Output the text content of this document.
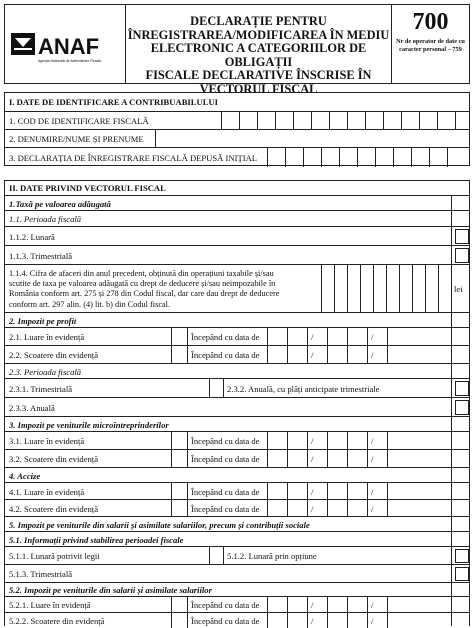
ANAF
Agenția Națională de Administrare Fiscală
DECLARAȚIE PENTRU
ÎNREGISTRAREA/MODIFICAREA ÎN MEDIU
ELECTRONIC A CATEGORIILOR DE OBLIGAȚII
FISCALE DECLARATIVE ÎNSCRISE ÎN
VECTORUL FISCAL
700
Nr de operator de date cu caracter personal – 759
I. DATE DE IDENTIFICARE A CONTRIBUABILULUI
1. COD DE IDENTIFICARE FISCALĂ
2. DENUMIRE/NUME ȘI PRENUME
3. DECLARAȚIA DE ÎNREGISTRARE FISCALĂ DEPUSĂ INIȚIAL
II. DATE PRIVIND VECTORUL FISCAL
1.Taxă pe valoarea adăugată
1.1. Perioada fiscală
1.1.2. Lunară
1.1.3. Trimestrială
1.1.4. Cifra de afaceri din anul precedent, obținută din operațiuni taxabile și/sau
scutite de taxa pe valoarea adăugată cu drept de deducere și/sau neimpozabile în
România conform art. 275 și 278 din Codul fiscal, dar care dau drept de deducere
conform art. 297 alin. (4) lit. b) din Codul fiscal.
lei
2. Impozit pe profit
2.1. Luare în evidență	Începând cu data de	/	/
2.2. Scoatere din evidență	Începând cu data de	/	/
2.3. Perioada fiscală
2.3.1. Trimestrială	2.3.2. Anuală, cu plăți anticipate trimestriale
2.3.3. Anuală
3. Impozit pe veniturile microîntreprinderilor
3.1. Luare în evidență	Începând cu data de	/	/
3.2. Scoatere din evidență	Începând cu data de	/	/
4. Accize
4.1. Luare în evidență	Începând cu data de	/	/
4.2. Scoatere din evidență	Începând cu data de	/	/
5. Impozit pe veniturile din salarii și asimilate salariilor, precum și contribuții sociale
5.1. Informații privind stabilirea perioadei fiscale
5.1.1. Lunară potrivit legii	5.1.2. Lunară prin opțiune
5.1.3. Trimestrială
5.2. Impozit pe veniturile din salarii și asimilate salariilor
5.2.1. Luare în evidență	Începând cu data de	/	/
5.2.2. Scoatere din evidență	Începând cu data de	/	/
